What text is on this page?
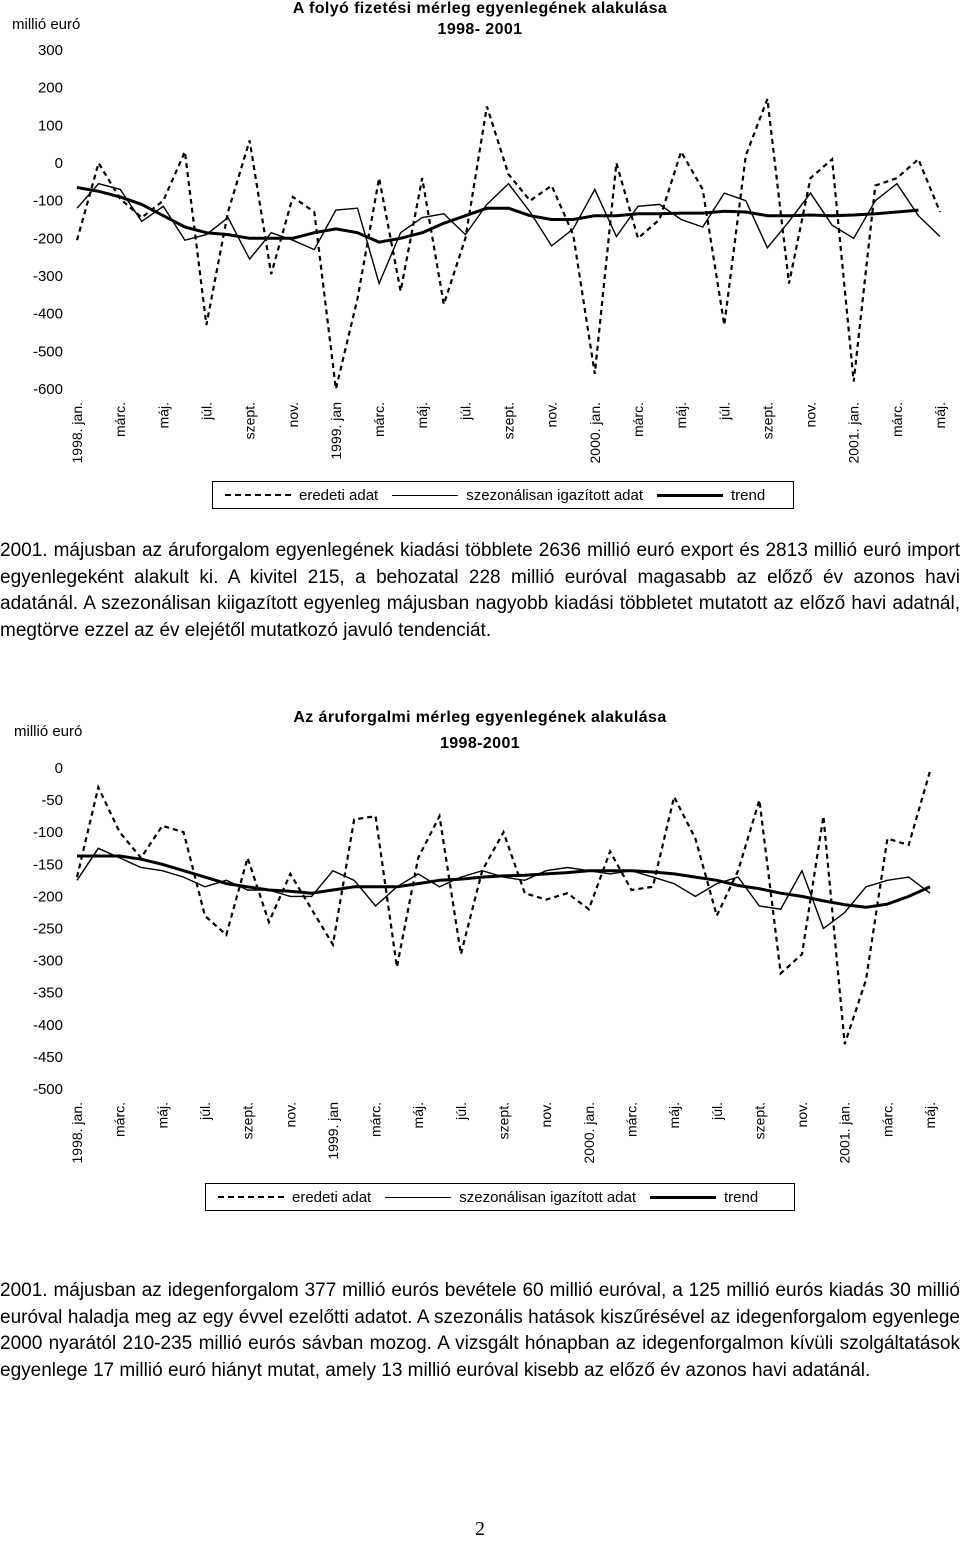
millió euró
A folyó fizetési mérleg egyenlegének alakulása
1998- 2001
300
200
100
0
-100
-200
-300
-400
-500
-600
1998. jan. márc. máj. júl. szept. nov. 1999. jan márc. máj. júl. szept. nov. 2000. jan. márc. máj. júl. szept. nov. 2001. jan. márc. máj.
eredeti adat	szezonálisan igazított adat	trend

2001. májusban az áruforgalom egyenlegének kiadási többlete 2636 millió euró export és 2813 millió euró import egyenlegeként alakult ki. A kivitel 215, a behozatal 228 millió euróval magasabb az előző év azonos havi adatánál. A szezonálisan kiigazított egyenleg májusban nagyobb kiadási többletet mutatott az előző havi adatnál, megtörve ezzel az év elejétől mutatkozó javuló tendenciát.

millió euró
Az áruforgalmi mérleg egyenlegének alakulása
1998-2001
0
-50
-100
-150
-200
-250
-300
-350
-400
-450
-500
1998. jan. márc. máj. júl. szept. nov. 1999. jan márc. máj. júl. szept. nov. 2000. jan. márc. máj. júl. szept. nov. 2001. jan. márc. máj.
eredeti adat	szezonálisan igazított adat	trend

2001. májusban az idegenforgalom 377 millió eurós bevétele 60 millió euróval, a 125 millió eurós kiadás 30 millió euróval haladja meg az egy évvel ezelőtti adatot. A szezonális hatások kiszűrésével az idegenforgalom egyenlege 2000 nyarától 210-235 millió eurós sávban mozog. A vizsgált hónapban az idegenforgalmon kívüli szolgáltatások egyenlege 17 millió euró hiányt mutat, amely 13 millió euróval kisebb az előző év azonos havi adatánál.

2
